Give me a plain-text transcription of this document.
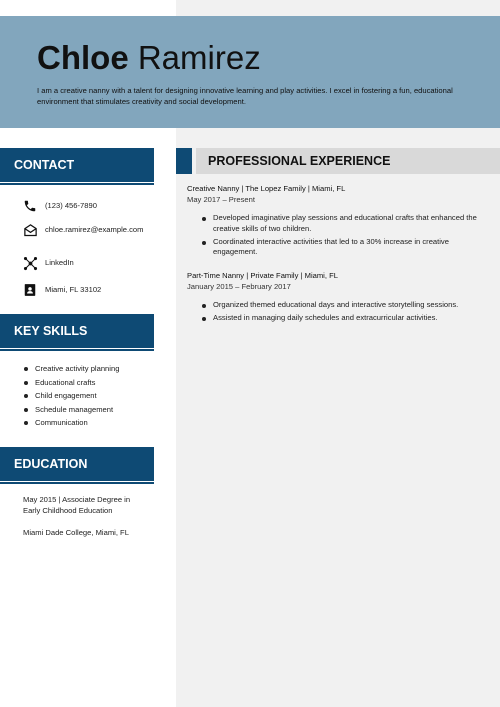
Chloe Ramirez
I am a creative nanny with a talent for designing innovative learning and play activities. I excel in fostering a fun, educational environment that stimulates creativity and social development.
CONTACT
(123) 456-7890
chloe.ramirez@example.com
LinkedIn
Miami, FL 33102
KEY SKILLS
Creative activity planning
Educational crafts
Child engagement
Schedule management
Communication
EDUCATION
May 2015 | Associate Degree in Early Childhood Education
Miami Dade College, Miami, FL
PROFESSIONAL EXPERIENCE
Creative Nanny | The Lopez Family | Miami, FL
May 2017 – Present
Developed imaginative play sessions and educational crafts that enhanced the creative skills of two children.
Coordinated interactive activities that led to a 30% increase in creative engagement.
Part-Time Nanny | Private Family | Miami, FL
January 2015 – February 2017
Organized themed educational days and interactive storytelling sessions.
Assisted in managing daily schedules and extracurricular activities.
